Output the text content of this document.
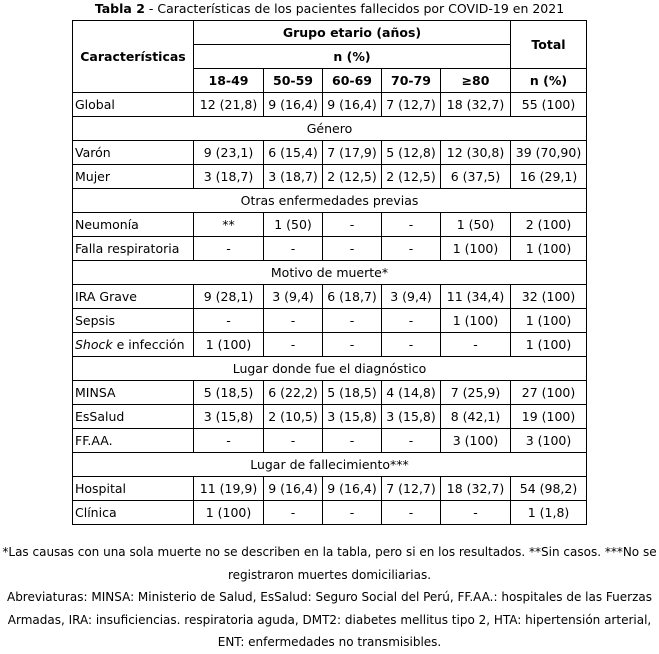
Tabla 2 - Características de los pacientes fallecidos por COVID-19 en 2021
Características	Grupo etario (años)					Total
	n (%)					
	18-49	50-59	60-69	70-79	≥80	n (%)
Global	12 (21,8)	9 (16,4)	9 (16,4)	7 (12,7)	18 (32,7)	55 (100)
Género						
Varón	9 (23,1)	6 (15,4)	7 (17,9)	5 (12,8)	12 (30,8)	39 (70,90)
Mujer	3 (18,7)	3 (18,7)	2 (12,5)	2 (12,5)	6 (37,5)	16 (29,1)
Otras enfermedades previas						
Neumonía	**	1 (50)	-	-	1 (50)	2 (100)
Falla respiratoria	-	-	-	-	1 (100)	1 (100)
Motivo de muerte*						
IRA Grave	9 (28,1)	3 (9,4)	6 (18,7)	3 (9,4)	11 (34,4)	32 (100)
Sepsis	-	-	-	-	1 (100)	1 (100)
Shock e infección	1 (100)	-	-	-	-	1 (100)
Lugar donde fue el diagnóstico						
MINSA	5 (18,5)	6 (22,2)	5 (18,5)	4 (14,8)	7 (25,9)	27 (100)
EsSalud	3 (15,8)	2 (10,5)	3 (15,8)	3 (15,8)	8 (42,1)	19 (100)
FF.AA.	-	-	-	-	3 (100)	3 (100)
Lugar de fallecimiento***						
Hospital	11 (19,9)	9 (16,4)	9 (16,4)	7 (12,7)	18 (32,7)	54 (98,2)
Clínica	1 (100)	-	-	-	-	1 (1,8)

*Las causas con una sola muerte no se describen en la tabla, pero si en los resultados. **Sin casos. ***No se registraron muertes domiciliarias.

Abreviaturas: MINSA: Ministerio de Salud, EsSalud: Seguro Social del Perú, FF.AA.: hospitales de las Fuerzas Armadas, IRA: insuficiencias. respiratoria aguda, DMT2: diabetes mellitus tipo 2, HTA: hipertensión arterial, ENT: enfermedades no transmisibles.
